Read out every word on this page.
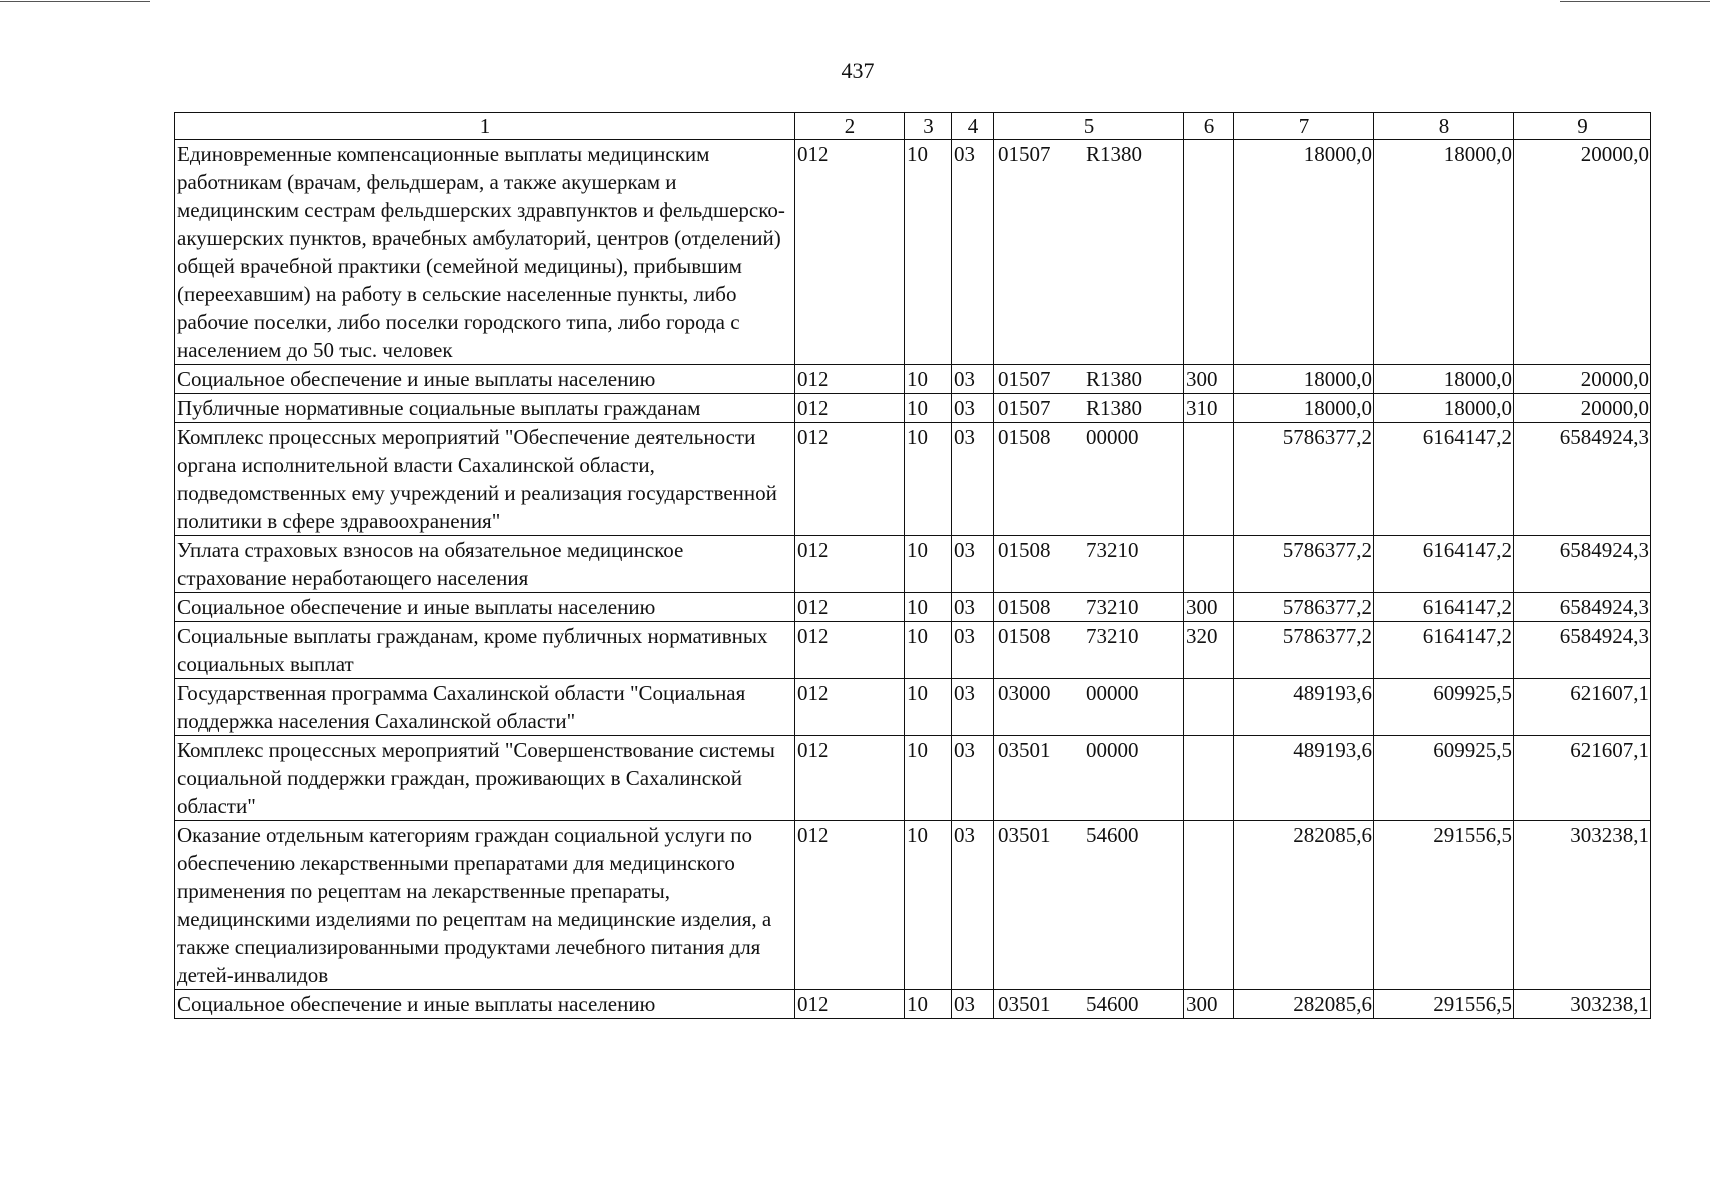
437
1	2	3	4	5	6	7	8	9
Единовременные компенсационные выплаты медицинским работникам (врачам, фельдшерам, а также акушеркам и медицинским сестрам фельдшерских здравпунктов и фельдшерско-акушерских пунктов, врачебных амбулаторий, центров (отделений) общей врачебной практики (семейной медицины), прибывшим (переехавшим) на работу в сельские населенные пункты, либо рабочие поселки, либо поселки городского типа, либо города с населением до 50 тыс. человек	012	10	03	01507 R1380		18000,0	18000,0	20000,0
Социальное обеспечение и иные выплаты населению	012	10	03	01507 R1380	300	18000,0	18000,0	20000,0
Публичные нормативные социальные выплаты гражданам	012	10	03	01507 R1380	310	18000,0	18000,0	20000,0
Комплекс процессных мероприятий "Обеспечение деятельности органа исполнительной власти Сахалинской области, подведомственных ему учреждений и реализация государственной политики в сфере здравоохранения"	012	10	03	01508 00000		5786377,2	6164147,2	6584924,3
Уплата страховых взносов на обязательное медицинское страхование неработающего населения	012	10	03	01508 73210		5786377,2	6164147,2	6584924,3
Социальное обеспечение и иные выплаты населению	012	10	03	01508 73210	300	5786377,2	6164147,2	6584924,3
Социальные выплаты гражданам, кроме публичных нормативных социальных выплат	012	10	03	01508 73210	320	5786377,2	6164147,2	6584924,3
Государственная программа Сахалинской области "Социальная поддержка населения Сахалинской области"	012	10	03	03000 00000		489193,6	609925,5	621607,1
Комплекс процессных мероприятий "Совершенствование системы социальной поддержки граждан, проживающих в Сахалинской области"	012	10	03	03501 00000		489193,6	609925,5	621607,1
Оказание отдельным категориям граждан социальной услуги по обеспечению лекарственными препаратами для медицинского применения по рецептам на лекарственные препараты, медицинскими изделиями по рецептам на медицинские изделия, а также специализированными продуктами лечебного питания для детей-инвалидов	012	10	03	03501 54600		282085,6	291556,5	303238,1
Социальное обеспечение и иные выплаты населению	012	10	03	03501 54600	300	282085,6	291556,5	303238,1
